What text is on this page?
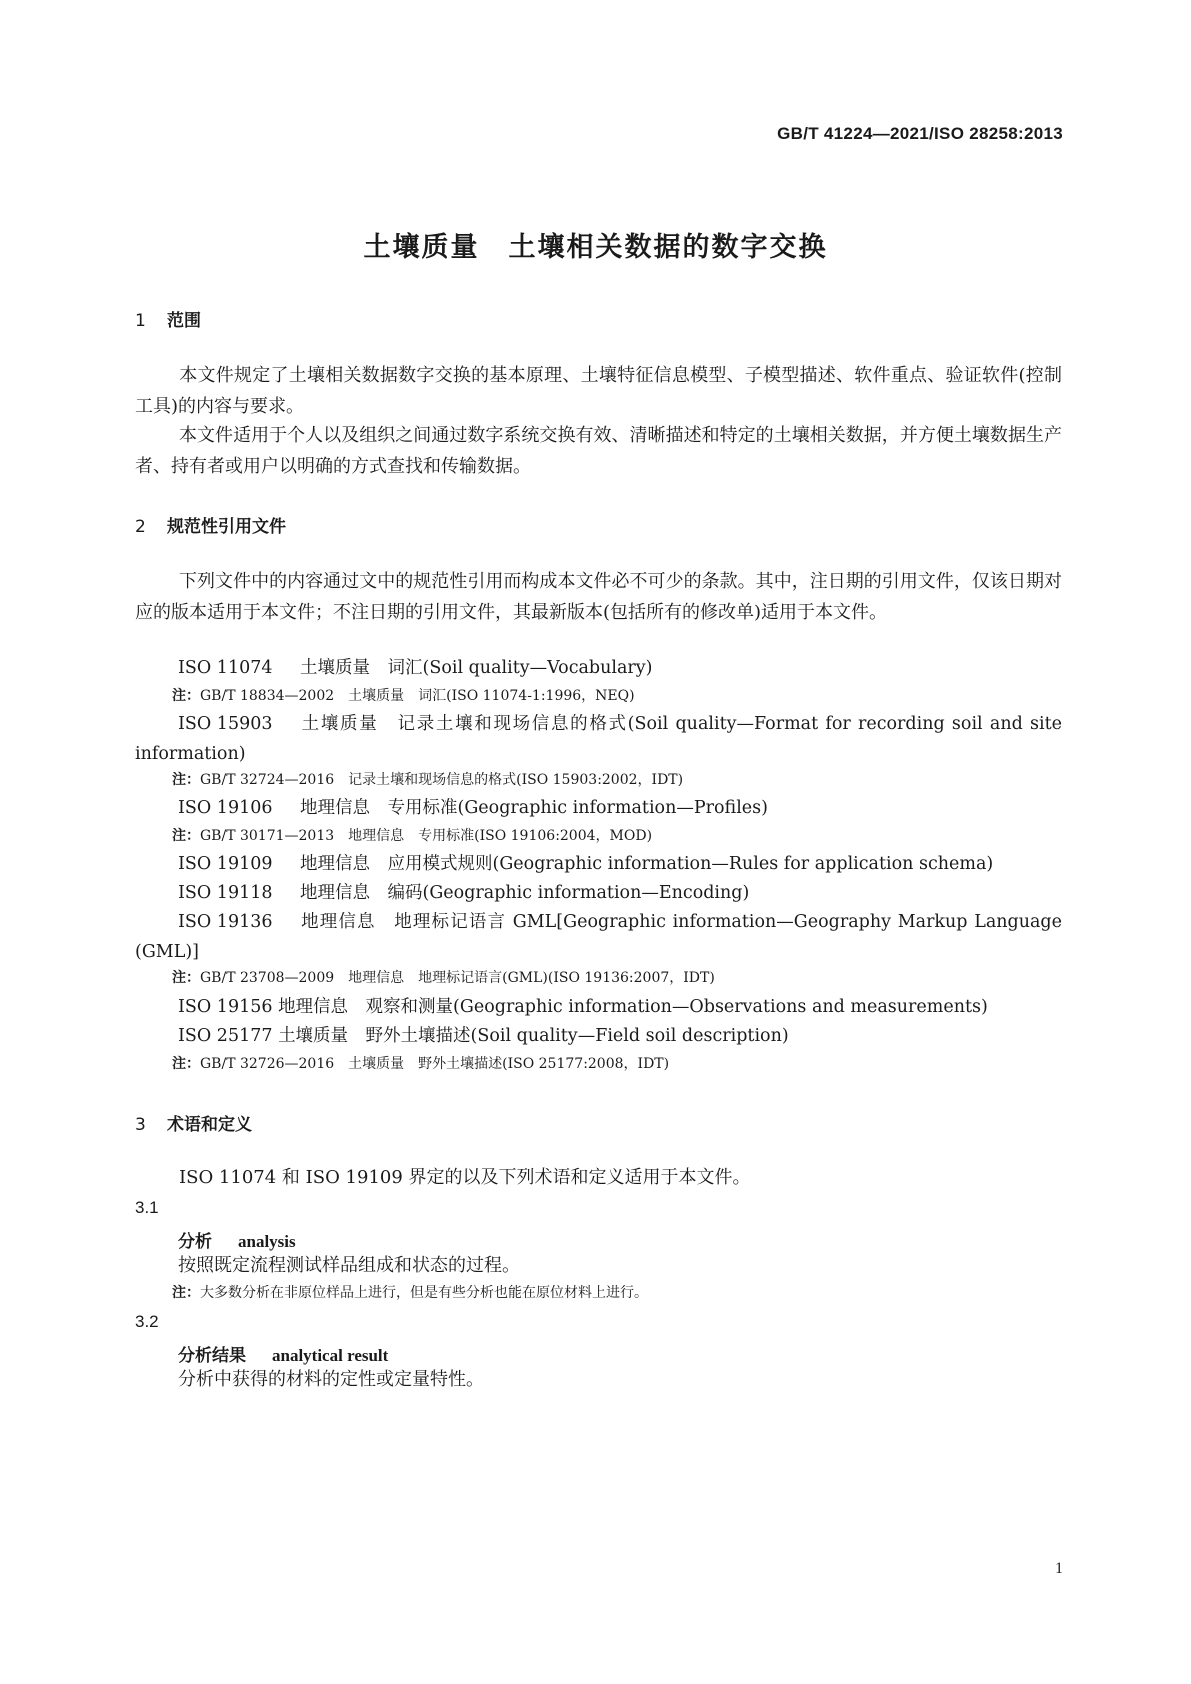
GB/T 41224—2021/ISO 28258:2013
土壤质量　土壤相关数据的数字交换
1 范围
本文件规定了土壤相关数据数字交换的基本原理、土壤特征信息模型、子模型描述、软件重点、验证软件(控制工具)的内容与要求。
本文件适用于个人以及组织之间通过数字系统交换有效、清晰描述和特定的土壤相关数据，并方便土壤数据生产者、持有者或用户以明确的方式查找和传输数据。
2 规范性引用文件
下列文件中的内容通过文中的规范性引用而构成本文件必不可少的条款。其中，注日期的引用文件，仅该日期对应的版本适用于本文件；不注日期的引用文件，其最新版本(包括所有的修改单)适用于本文件。
ISO 11074 土壤质量　词汇(Soil quality—Vocabulary)
注：GB/T 18834—2002　土壤质量　词汇(ISO 11074-1:1996，NEQ)
ISO 15903 土壤质量　记录土壤和现场信息的格式(Soil quality—Format for recording soil and site information)
注：GB/T 32724—2016　记录土壤和现场信息的格式(ISO 15903:2002，IDT)
ISO 19106 地理信息　专用标准(Geographic information—Profiles)
注：GB/T 30171—2013　地理信息　专用标准(ISO 19106:2004，MOD)
ISO 19109 地理信息　应用模式规则(Geographic information—Rules for application schema)
ISO 19118 地理信息　编码(Geographic information—Encoding)
ISO 19136 地理信息　地理标记语言 GML[Geographic information—Geography Markup Language (GML)]
注：GB/T 23708—2009　地理信息　地理标记语言(GML)(ISO 19136:2007，IDT)
ISO 19156 地理信息　观察和测量(Geographic information—Observations and measurements)
ISO 25177 土壤质量　野外土壤描述(Soil quality—Field soil description)
注：GB/T 32726—2016　土壤质量　野外土壤描述(ISO 25177:2008，IDT)
3 术语和定义
ISO 11074 和 ISO 19109 界定的以及下列术语和定义适用于本文件。
3.1
分析 analysis
按照既定流程测试样品组成和状态的过程。
注：大多数分析在非原位样品上进行，但是有些分析也能在原位材料上进行。
3.2
分析结果 analytical result
分析中获得的材料的定性或定量特性。
1
